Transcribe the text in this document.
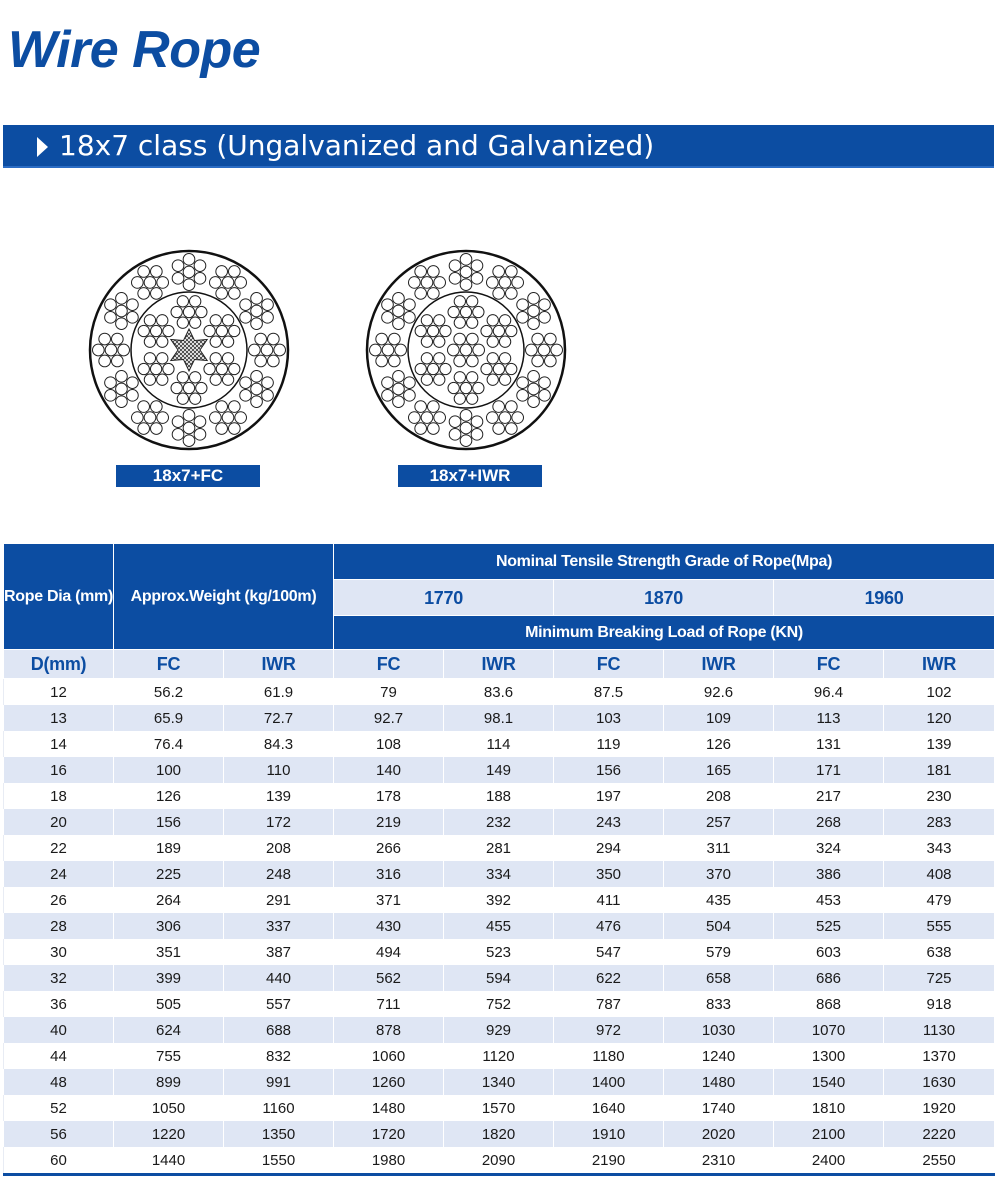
Wire Rope
18x7 class (Ungalvanized and Galvanized)
18x7+FC	18x7+IWR
Rope Dia (mm)	Approx.Weight (kg/100m)		Nominal Tensile Strength Grade of Rope(Mpa)					
			1770		1870		1960	
			Minimum Breaking Load of Rope (KN)					
D(mm)	FC	IWR	FC	IWR	FC	IWR	FC	IWR
12	56.2	61.9	79	83.6	87.5	92.6	96.4	102
13	65.9	72.7	92.7	98.1	103	109	113	120
14	76.4	84.3	108	114	119	126	131	139
16	100	110	140	149	156	165	171	181
18	126	139	178	188	197	208	217	230
20	156	172	219	232	243	257	268	283
22	189	208	266	281	294	311	324	343
24	225	248	316	334	350	370	386	408
26	264	291	371	392	411	435	453	479
28	306	337	430	455	476	504	525	555
30	351	387	494	523	547	579	603	638
32	399	440	562	594	622	658	686	725
36	505	557	711	752	787	833	868	918
40	624	688	878	929	972	1030	1070	1130
44	755	832	1060	1120	1180	1240	1300	1370
48	899	991	1260	1340	1400	1480	1540	1630
52	1050	1160	1480	1570	1640	1740	1810	1920
56	1220	1350	1720	1820	1910	2020	2100	2220
60	1440	1550	1980	2090	2190	2310	2400	2550
